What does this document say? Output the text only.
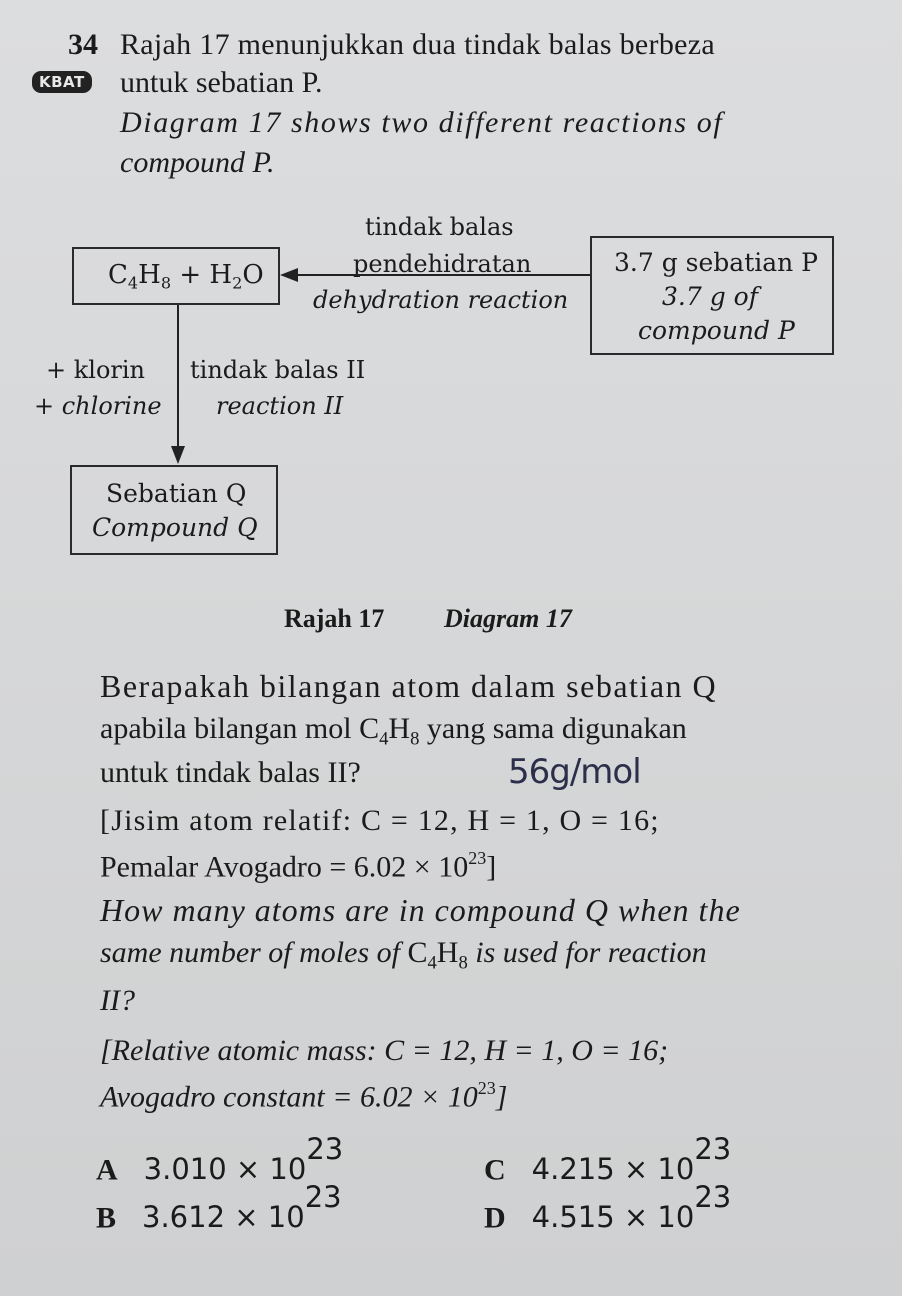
34 Rajah 17 menunjukkan dua tindak balas berbeza
KBAT untuk sebatian P.
Diagram 17 shows two different reactions of
compound P.
$C_4H_8 + H_2O$	3.7 g sebatian P
3.7 g of
compound P
tindak balas
pendehidratan
dehydration reaction
+ klorin
+ chlorine
tindak balas II
reaction II
Sebatian Q
Compound Q
Rajah 17 Diagram 17
Berapakah bilangan atom dalam sebatian Q
apabila bilangan mol $C_4H_8$ yang sama digunakan
untuk tindak balas II?	56g/mol
[Jisim atom relatif: C = 12, H = 1, O = 16;
Pemalar Avogadro = $6.02 \times 10^{23}$]
How many atoms are in compound Q when the
same number of moles of $C_4H_8$ is used for reaction
II?
[Relative atomic mass: C = 12, H = 1, O = 16;
Avogadro constant = $6.02 \times 10^{23}$]
A 3.010 × 1023
B 3.612 × 1023
C 4.215 × 1023
D 4.515 × 1023
